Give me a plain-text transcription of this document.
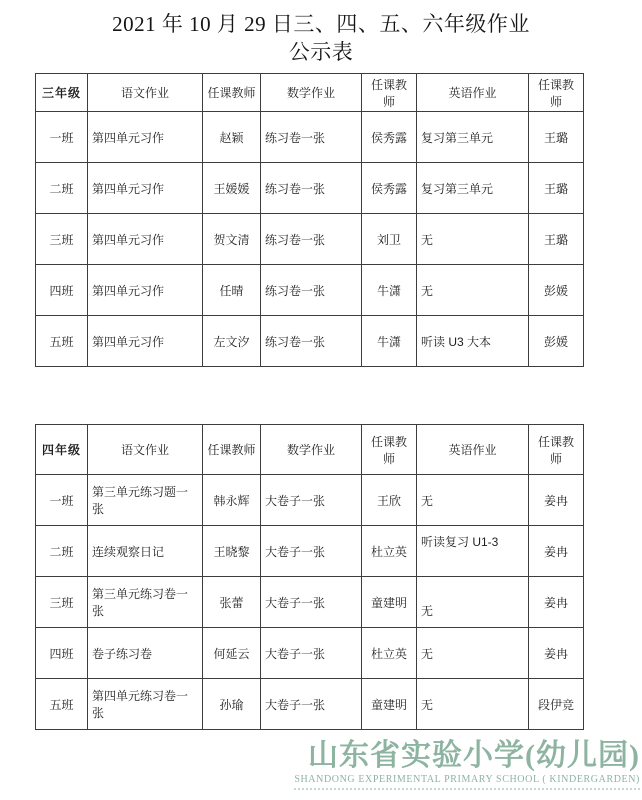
2021 年 10 月 29 日三、四、五、六年级作业
公示表
三年级	语文作业	任课教师	数学作业	任课教师	英语作业	任课教师
一班	第四单元习作	赵颖	练习卷一张	侯秀露	复习第三单元	王璐
二班	第四单元习作	王媛媛	练习卷一张	侯秀露	复习第三单元	王璐
三班	第四单元习作	贺文清	练习卷一张	刘卫	无	王璐
四班	第四单元习作	任晴	练习卷一张	牛潇	无	彭媛
五班	第四单元习作	左文汐	练习卷一张	牛潇	听读 U3 大本	彭媛
四年级	语文作业	任课教师	数学作业	任课教师	英语作业	任课教师
一班	第三单元练习题一张	韩永辉	大卷子一张	王欣	无	姜冉
二班	连续观察日记	王晓黎	大卷子一张	杜立英	听读复习 U1-3	姜冉
三班	第三单元练习卷一张	张蕾	大卷子一张	童建明	无	姜冉
四班	卷子练习卷	何延云	大卷子一张	杜立英	无	姜冉
五班	第四单元练习卷一张	孙瑜	大卷子一张	童建明	无	段伊竞
山东省实验小学(幼儿园)
SHANDONG EXPERIMENTAL PRIMARY SCHOOL ( KINDERGARDEN)
